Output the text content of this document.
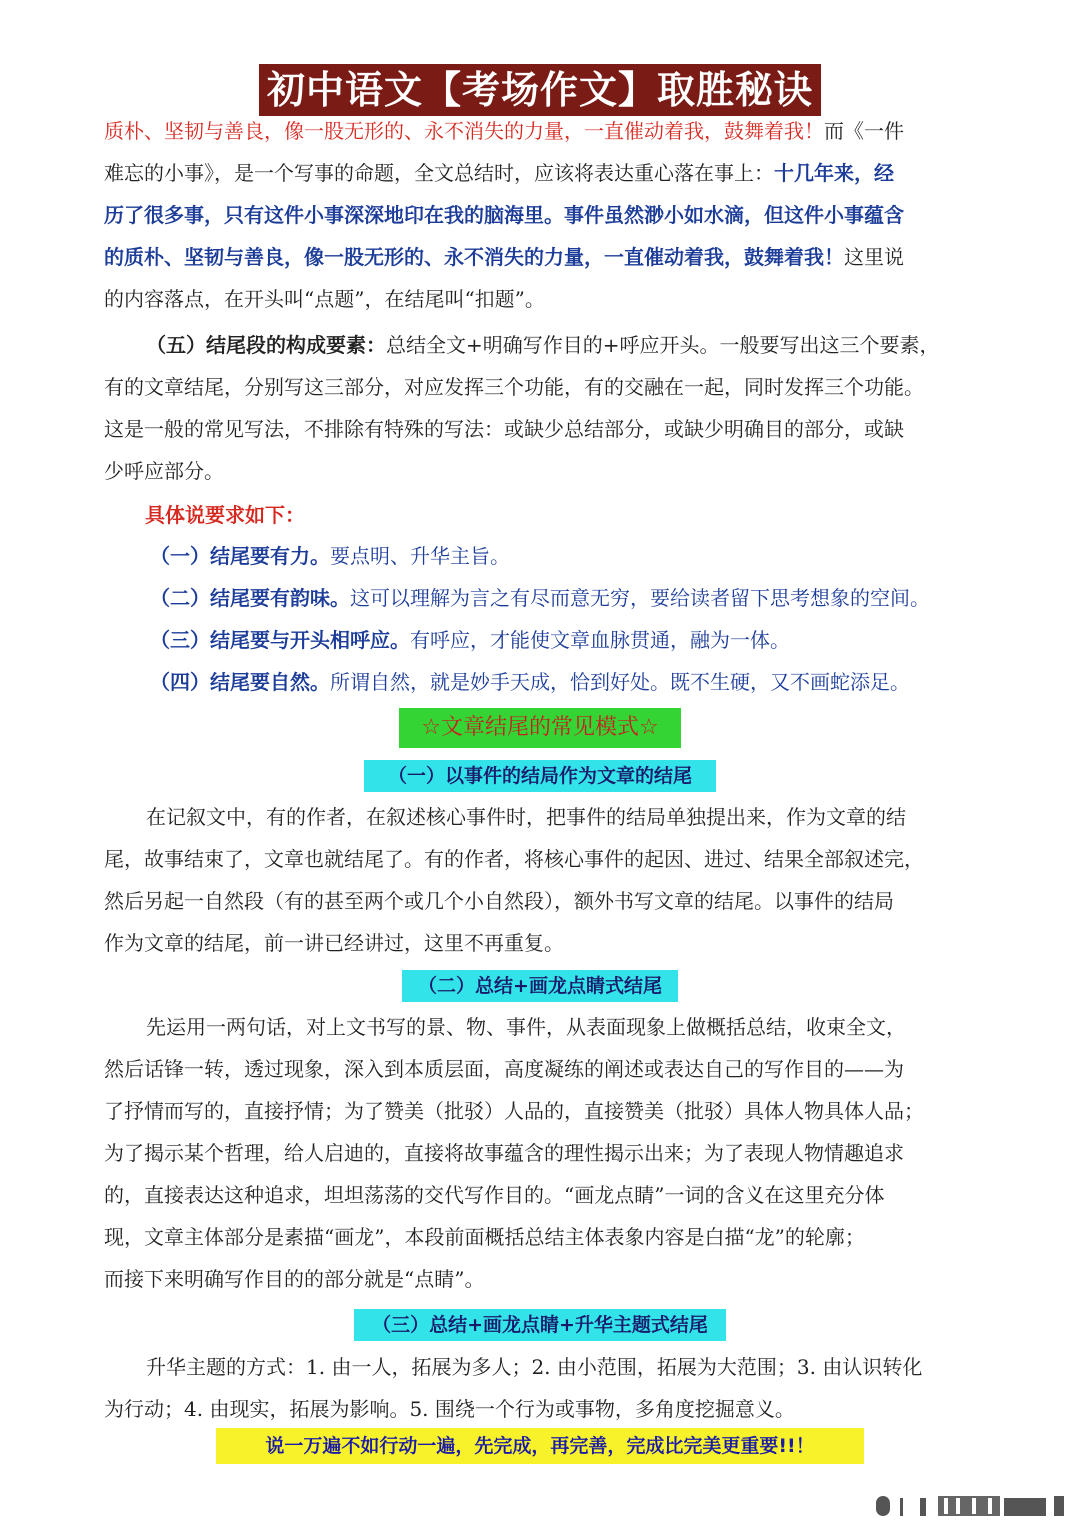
初中语文【考场作文】取胜秘诀
质朴、坚韧与善良，像一股无形的、永不消失的力量，一直催动着我，鼓舞着我！而《一件
难忘的小事》，是一个写事的命题，全文总结时，应该将表达重心落在事上：十几年来，经
历了很多事，只有这件小事深深地印在我的脑海里。事件虽然渺小如水滴，但这件小事蕴含
的质朴、坚韧与善良，像一股无形的、永不消失的力量，一直催动着我，鼓舞着我！这里说
的内容落点，在开头叫“点题”，在结尾叫“扣题”。
（五）结尾段的构成要素：总结全文+明确写作目的+呼应开头。一般要写出这三个要素，
有的文章结尾，分别写这三部分，对应发挥三个功能，有的交融在一起，同时发挥三个功能。
这是一般的常见写法，不排除有特殊的写法：或缺少总结部分，或缺少明确目的部分，或缺
少呼应部分。
具体说要求如下：
（一）结尾要有力。要点明、升华主旨。
（二）结尾要有韵味。这可以理解为言之有尽而意无穷，要给读者留下思考想象的空间。
（三）结尾要与开头相呼应。有呼应，才能使文章血脉贯通，融为一体。
（四）结尾要自然。所谓自然，就是妙手天成，恰到好处。既不生硬，又不画蛇添足。
☆文章结尾的常见模式☆
（一）以事件的结局作为文章的结尾
在记叙文中，有的作者，在叙述核心事件时，把事件的结局单独提出来，作为文章的结
尾，故事结束了，文章也就结尾了。有的作者，将核心事件的起因、进过、结果全部叙述完，
然后另起一自然段（有的甚至两个或几个小自然段），额外书写文章的结尾。以事件的结局
作为文章的结尾，前一讲已经讲过，这里不再重复。
（二）总结+画龙点睛式结尾
先运用一两句话，对上文书写的景、物、事件，从表面现象上做概括总结，收束全文，
然后话锋一转，透过现象，深入到本质层面，高度凝练的阐述或表达自己的写作目的——为
了抒情而写的，直接抒情；为了赞美（批驳）人品的，直接赞美（批驳）具体人物具体人品；
为了揭示某个哲理，给人启迪的，直接将故事蕴含的理性揭示出来；为了表现人物情趣追求
的，直接表达这种追求，坦坦荡荡的交代写作目的。“画龙点睛”一词的含义在这里充分体
现，文章主体部分是素描“画龙”，本段前面概括总结主体表象内容是白描“龙”的轮廓；
而接下来明确写作目的的部分就是“点睛”。
（三）总结+画龙点睛+升华主题式结尾
升华主题的方式：1. 由一人，拓展为多人；2. 由小范围，拓展为大范围；3. 由认识转化
为行动；4. 由现实，拓展为影响。5. 围绕一个行为或事物，多角度挖掘意义。
说一万遍不如行动一遍，先完成，再完善，完成比完美更重要!!！
